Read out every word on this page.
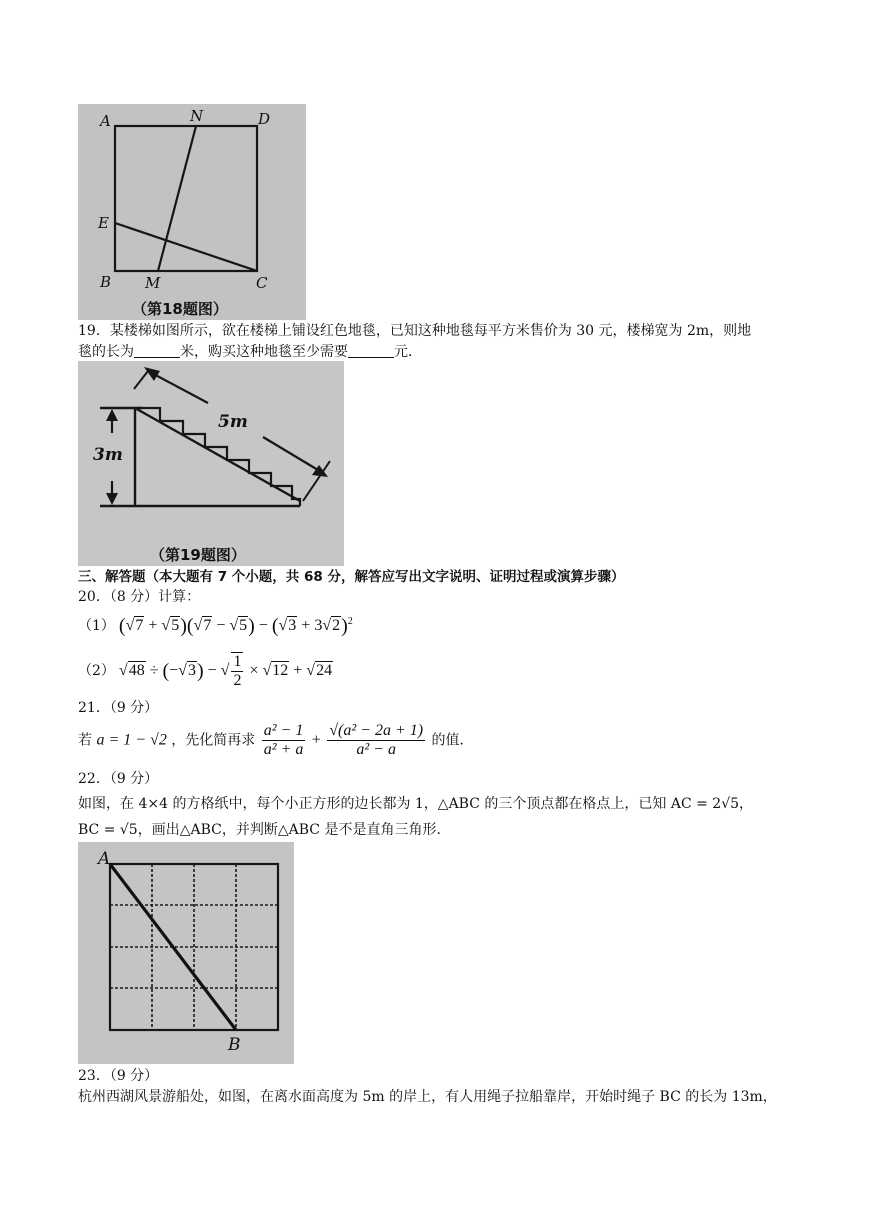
A	N	D
E
B M	C
（第18题图）
19．某楼梯如图所示，欲在楼梯上铺设红色地毯，已知这种地毯每平方米售价为 30 元，楼梯宽为 2m，则地
毯的长为	米，购买这种地毯至少需要	元．
3m
5m
（第19题图）
三、解答题（本大题有 7 个小题，共 68 分，解答应写出文字说明、证明过程或演算步骤）
20．（8 分）计算：
（1） $(√7 + √5)(√7 - √5) - (√3 + 3√2)^2$
（2） √48 ÷ (−√3) − √ $\frac{1}{2} \times √12 + √24$
21．（9 分）
若 a = 1 − √2 ，先化简再求 $\frac{\text{a² − 1}}{\text{a² + a}} + \frac{\text{√(a² − 2a + 1)}}{\text{a² − a}}$ 的值．
22．（9 分）
如图，在 4×4 的方格纸中，每个小正方形的边长都为 1，△ABC 的三个顶点都在格点上，已知 AC = 2√5，
BC = √5，画出△ABC，并判断△ABC 是不是直角三角形．
A
B
23．（9 分）
杭州西湖风景游船处，如图，在离水面高度为 5m 的岸上，有人用绳子拉船靠岸，开始时绳子 BC 的长为 13m，
